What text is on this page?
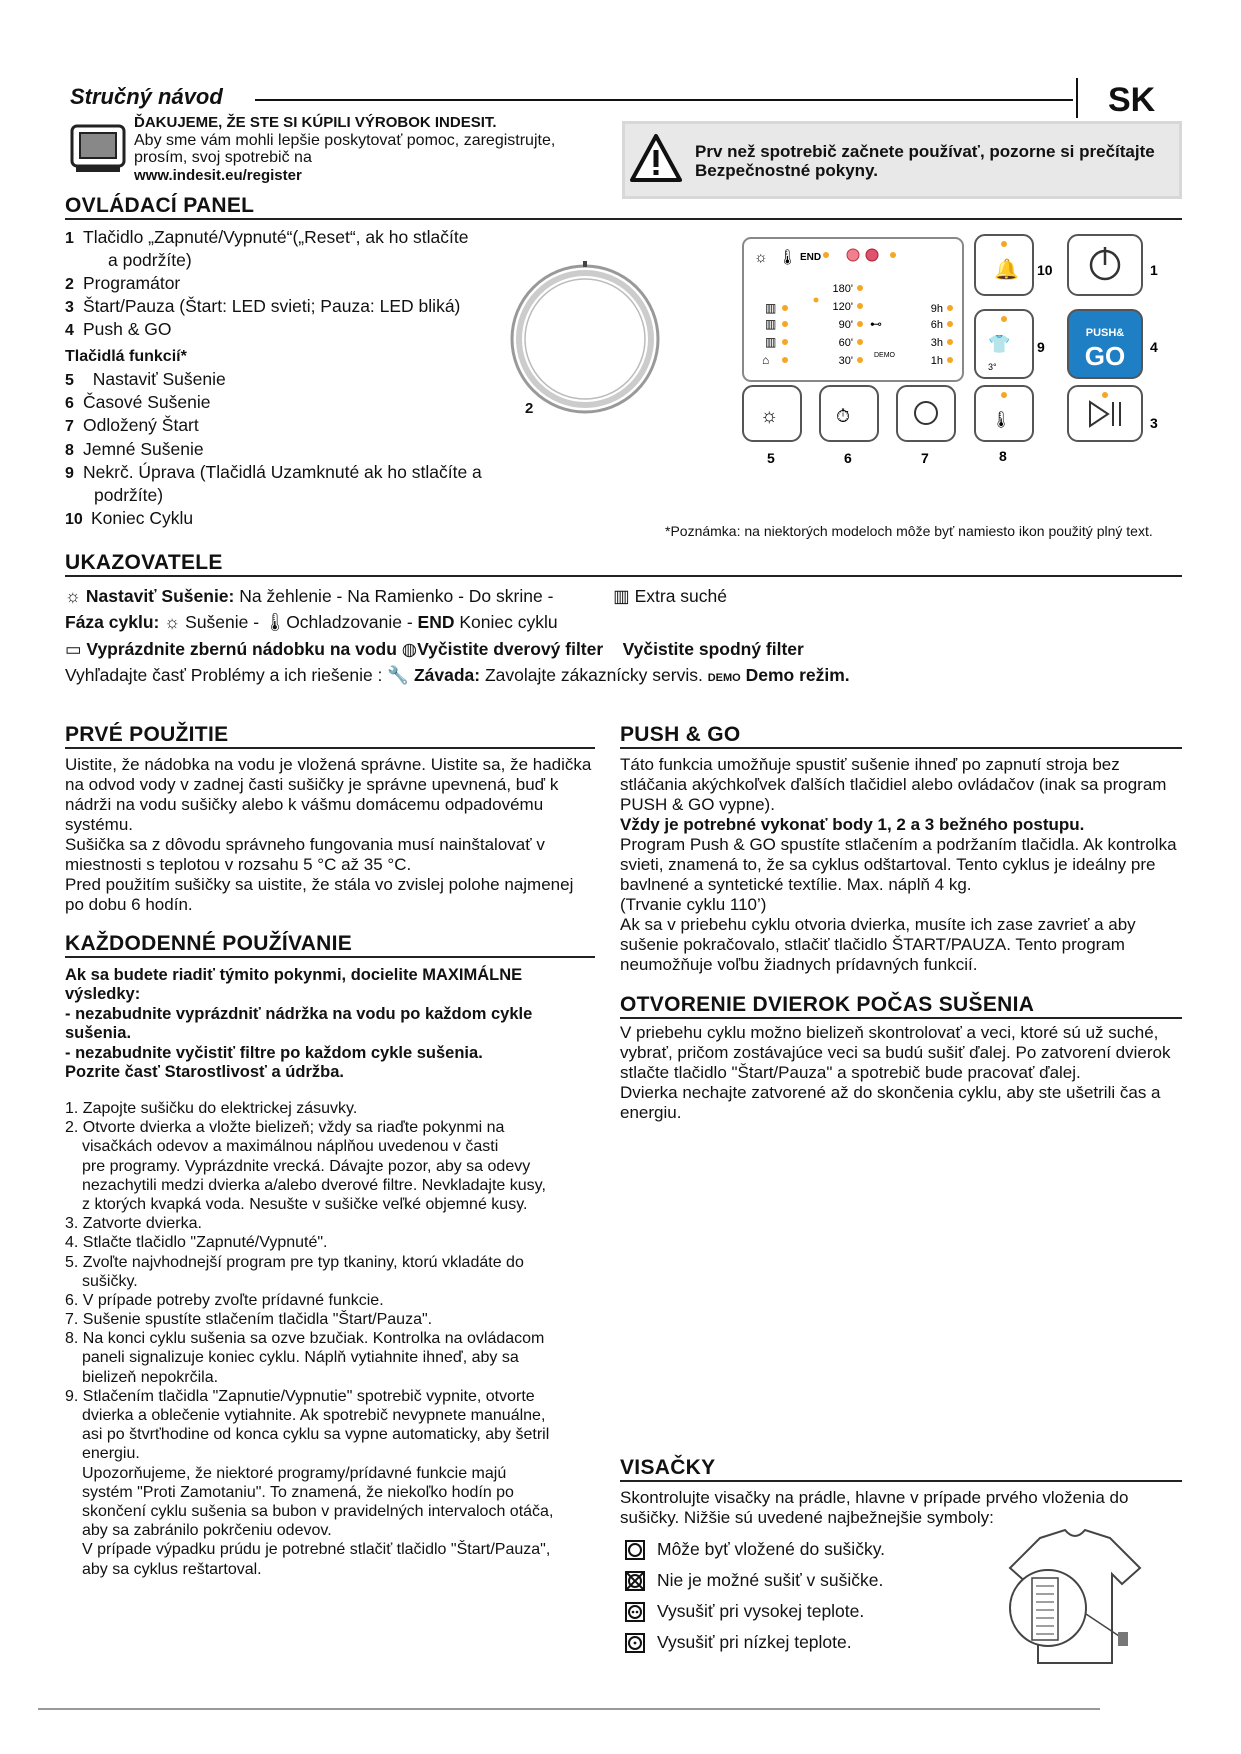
Stručný návod	SK
ĎAKUJEME, ŽE STE SI KÚPILI VÝROBOK INDESIT.
Aby sme vám mohli lepšie poskytovať pomoc, zaregistrujte, prosím, svoj spotrebič na
www.indesit.eu/register
Prv než spotrebič začnete používať, pozorne si prečítajte Bezpečnostné pokyny.
OVLÁDACÍ PANEL
1 Tlačidlo „Zapnuté/Vypnuté“(„Reset“, ak ho stlačíte
a podržíte)
2 Programátor
3 Štart/Pauza (Štart: LED svieti; Pauza: LED bliká)
4 Push & GO
Tlačidlá funkcií*
5 Nastaviť Sušenie
6 Časové Sušenie
7 Odložený Štart
8 Jemné Sušenie
9 Nekrč. Úprava (Tlačidlá Uzamknuté ak ho stlačíte a
podržíte)
10 Koniec Cyklu
2
☼ 🌡 END
180'
120'
90'
60'
30'
▥
▥
▥
⌂
9h
6h
3h
1h
⊷
DEMO
🔔
👕
3°
PUSH&
GO
☼	⏱	🌡
10	1
9	4
3
5	6	7	8
*Poznámka: na niektorých modeloch môže byť namiesto ikon použitý plný text.
UKAZOVATELE
☼ Nastaviť Sušenie: Na žehlenie - Na Ramienko - Do skrine -	▥ Extra suché
Fáza cyklu: ☼ Sušenie - 🌡Ochladzovanie - END Koniec cyklu
▭ Vyprázdnite zbernú nádobku na vodu ◍Vyčistite dverový filter Vyčistite spodný filter
Vyhľadajte časť Problémy a ich riešenie : 🔧 Závada: Zavolajte zákaznícky servis. DEMO Demo režim.
PRVÉ POUŽITIE

Uistite, že nádobka na vodu je vložená správne. Uistite sa, že hadička na odvod vody v zadnej časti sušičky je správne upevnená, buď k nádrži na vodu sušičky alebo k vášmu domácemu odpadovému systému.

Sušička sa z dôvodu správneho fungovania musí nainštalovať v miestnosti s teplotou v rozsahu 5 °C až 35 °C.

Pred použitím sušičky sa uistite, že stála vo zvislej polohe najmenej po dobu 6 hodín.

KAŽDODENNÉ POUŽÍVANIE

Ak sa budete riadiť týmito pokynmi, docielite MAXIMÁLNE výsledky:

- nezabudnite vyprázdniť nádržka na vodu po každom cykle sušenia.

- nezabudnite vyčistiť filtre po každom cykle sušenia.

Pozrite časť Starostlivosť a údržba.

1. Zapojte sušičku do elektrickej zásuvky.

2. Otvorte dvierka a vložte bielizeň; vždy sa riaďte pokynmi na

visačkách odevov a maximálnou náplňou uvedenou v časti

pre programy. Vyprázdnite vrecká. Dávajte pozor, aby sa odevy

nezachytili medzi dvierka a/alebo dverové filtre. Nevkladajte kusy,

z ktorých kvapká voda. Nesušte v sušičke veľké objemné kusy.

3. Zatvorte dvierka.

4. Stlačte tlačidlo "Zapnuté/Vypnuté".

5. Zvoľte najvhodnejší program pre typ tkaniny, ktorú vkladáte do

sušičky.

6. V prípade potreby zvoľte prídavné funkcie.

7. Sušenie spustíte stlačením tlačidla "Štart/Pauza".

8. Na konci cyklu sušenia sa ozve bzučiak. Kontrolka na ovládacom

paneli signalizuje koniec cyklu. Náplň vytiahnite ihneď, aby sa

bielizeň nepokrčila.

9. Stlačením tlačidla "Zapnutie/Vypnutie" spotrebič vypnite, otvorte

dvierka a oblečenie vytiahnite. Ak spotrebič nevypnete manuálne,

asi po štvrťhodine od konca cyklu sa vypne automaticky, aby šetril

energiu.

Upozorňujeme, že niektoré programy/prídavné funkcie majú

systém "Proti Zamotaniu". To znamená, že niekoľko hodín po

skončení cyklu sušenia sa bubon v pravidelných intervaloch otáča,

aby sa zabránilo pokrčeniu odevov.

V prípade výpadku prúdu je potrebné stlačiť tlačidlo "Štart/Pauza",

aby sa cyklus reštartoval.

PUSH & GO

Táto funkcia umožňuje spustiť sušenie ihneď po zapnutí stroja bez stláčania akýchkoľvek ďalších tlačidiel alebo ovládačov (inak sa program PUSH & GO vypne).

Vždy je potrebné vykonať body 1, 2 a 3 bežného postupu.

Program Push & GO spustíte stlačením a podržaním tlačidla. Ak kontrolka svieti, znamená to, že sa cyklus odštartoval. Tento cyklus je ideálny pre bavlnené a syntetické textílie. Max. náplň 4 kg.

(Trvanie cyklu 110’)

Ak sa v priebehu cyklu otvoria dvierka, musíte ich zase zavrieť a aby sušenie pokračovalo, stlačiť tlačidlo ŠTART/PAUZA. Tento program neumožňuje voľbu žiadnych prídavných funkcií.

OTVORENIE DVIEROK POČAS SUŠENIA

V priebehu cyklu možno bielizeň skontrolovať a veci, ktoré sú už suché, vybrať, pričom zostávajúce veci sa budú sušiť ďalej. Po zatvorení dvierok stlačte tlačidlo "Štart/Pauza" a spotrebič bude pracovať ďalej.

Dvierka nechajte zatvorené až do skončenia cyklu, aby ste ušetrili čas a energiu.

VISAČKY
Skontrolujte visačky na prádle, hlavne v prípade prvého vloženia do sušičky. Nižšie sú uvedené najbežnejšie symboly:
Môže byť vložené do sušičky.
Nie je možné sušiť v sušičke.
Vysušiť pri vysokej teplote.
Vysušiť pri nízkej teplote.
